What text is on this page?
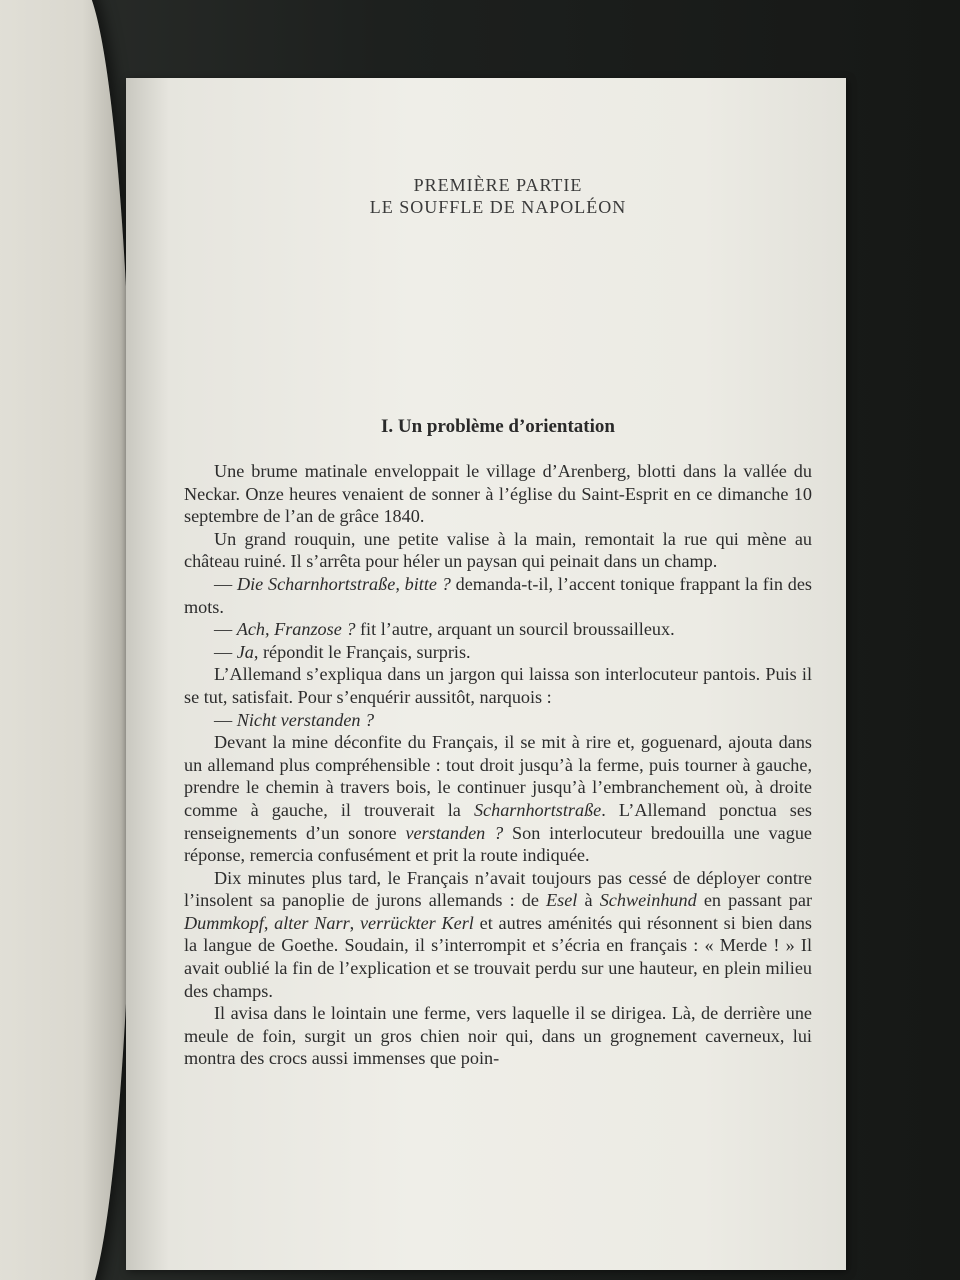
PREMIÈRE PARTIE
LE SOUFFLE DE NAPOLÉON
I. Un problème d’orientation

Une brume matinale enveloppait le village d’Arenberg, blotti dans la vallée du Neckar. Onze heures venaient de sonner à l’église du Saint-Esprit en ce dimanche 10 septembre de l’an de grâce 1840.

Un grand rouquin, une petite valise à la main, remontait la rue qui mène au château ruiné. Il s’arrêta pour héler un paysan qui peinait dans un champ.

— Die Scharnhortstraße, bitte ? demanda-t-il, l’accent tonique frappant la fin des mots.

— Ach, Franzose ? fit l’autre, arquant un sourcil broussailleux.

— Ja, répondit le Français, surpris.

L’Allemand s’expliqua dans un jargon qui laissa son interlocuteur pantois. Puis il se tut, satisfait. Pour s’enquérir aussitôt, narquois :

— Nicht verstanden ?

Devant la mine déconfite du Français, il se mit à rire et, goguenard, ajouta dans un allemand plus compréhensible : tout droit jusqu’à la ferme, puis tourner à gauche, prendre le chemin à travers bois, le continuer jusqu’à l’embranchement où, à droite comme à gauche, il trouverait la Scharnhortstraße. L’Allemand ponctua ses renseignements d’un sonore verstanden ? Son interlocuteur bredouilla une vague réponse, remercia confusément et prit la route indiquée.

Dix minutes plus tard, le Français n’avait toujours pas cessé de déployer contre l’insolent sa panoplie de jurons allemands : de Esel à Schweinhund en passant par Dummkopf, alter Narr, verrückter Kerl et autres aménités qui résonnent si bien dans la langue de Goethe. Soudain, il s’interrompit et s’écria en français : « Merde ! » Il avait oublié la fin de l’explication et se trouvait perdu sur une hauteur, en plein milieu des champs.

Il avisa dans le lointain une ferme, vers laquelle il se dirigea. Là, de derrière une meule de foin, surgit un gros chien noir qui, dans un grognement caverneux, lui montra des crocs aussi immenses que poin-
